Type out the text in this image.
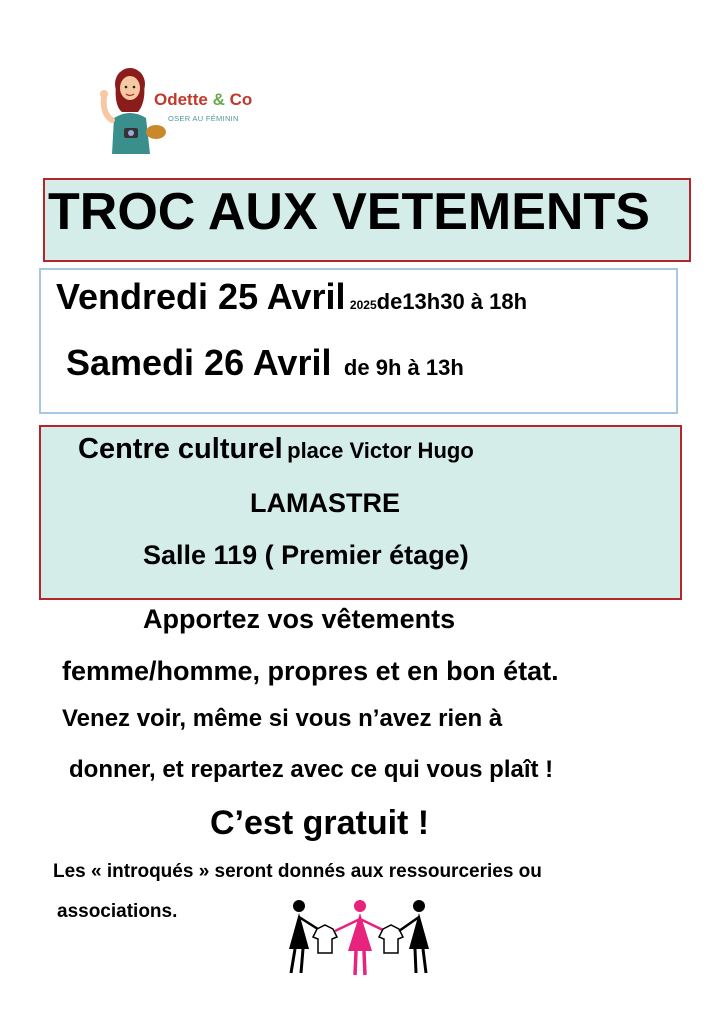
Odette & Co
OSER AU FÉMININ
TROC AUX VETEMENTS
Vendredi 25 Avril 2025de13h30 à 18h
Samedi 26 Avril de 9h à 13h
Centre culturel place Victor Hugo
LAMASTRE
Salle 119 ( Premier étage)
Apportez vos vêtements
femme/homme, propres et en bon état.
Venez voir, même si vous n’avez rien à
donner, et repartez avec ce qui vous plaît !
C’est gratuit !
Les « introqués » seront donnés aux ressourceries ou
associations.
